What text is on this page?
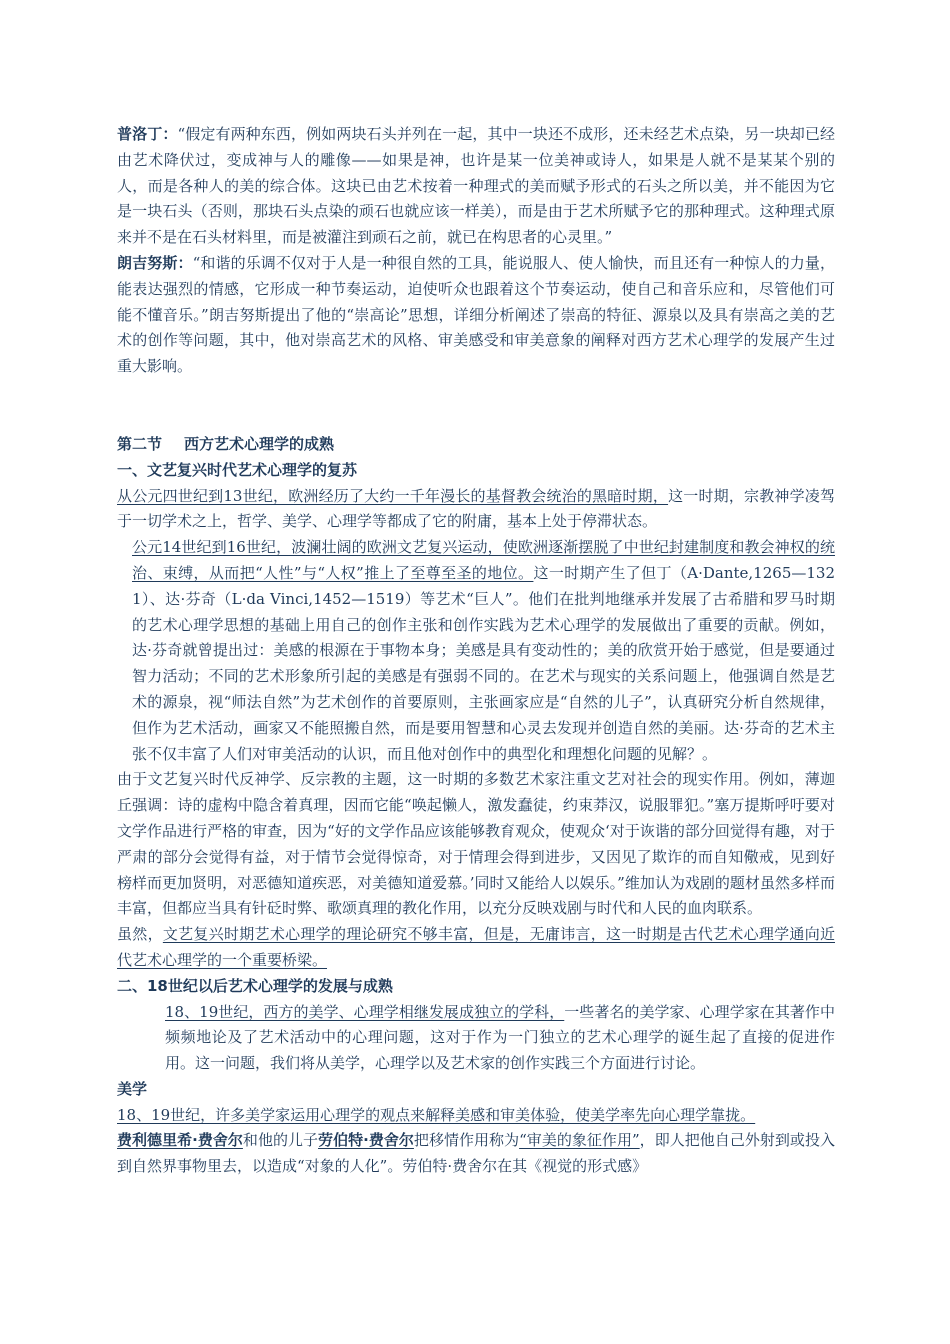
普洛丁：“假定有两种东西，例如两块石头并列在一起，其中一块还不成形，还未经艺术点染，另一块却已经由艺术降伏过，变成神与人的雕像——如果是神，也许是某一位美神或诗人，如果是人就不是某某个别的人，而是各种人的美的综合体。这块已由艺术按着一种理式的美而赋予形式的石头之所以美，并不能因为它是一块石头（否则，那块石头点染的顽石也就应该一样美），而是由于艺术所赋予它的那种理式。这种理式原来并不是在石头材料里，而是被灌注到顽石之前，就已在构思者的心灵里。”

朗吉努斯：“和谐的乐调不仅对于人是一种很自然的工具，能说服人、使人愉快，而且还有一种惊人的力量，能表达强烈的情感，它形成一种节奏运动，迫使听众也跟着这个节奏运动，使自己和音乐应和，尽管他们可能不懂音乐。”朗吉努斯提出了他的“崇高论”思想，详细分析阐述了崇高的特征、源泉以及具有崇高之美的艺术的创作等问题，其中，他对崇高艺术的风格、审美感受和审美意象的阐释对西方艺术心理学的发展产生过重大影响。

第二节 西方艺术心理学的成熟
一、文艺复兴时代艺术心理学的复苏

从公元四世纪到13世纪，欧洲经历了大约一千年漫长的基督教会统治的黑暗时期，这一时期，宗教神学凌驾于一切学术之上，哲学、美学、心理学等都成了它的附庸，基本上处于停滞状态。

公元14世纪到16世纪，波澜壮阔的欧洲文艺复兴运动，使欧洲逐渐摆脱了中世纪封建制度和教会神权的统治、束缚，从而把“人性”与“人权”推上了至尊至圣的地位。这一时期产生了但丁（A·Dante,1265—1321）、达·芬奇（L·da Vinci,1452—1519）等艺术“巨人”。他们在批判地继承并发展了古希腊和罗马时期的艺术心理学思想的基础上用自己的创作主张和创作实践为艺术心理学的发展做出了重要的贡献。例如，达·芬奇就曾提出过：美感的根源在于事物本身；美感是具有变动性的；美的欣赏开始于感觉，但是要通过智力活动；不同的艺术形象所引起的美感是有强弱不同的。在艺术与现实的关系问题上，他强调自然是艺术的源泉，视“师法自然”为艺术创作的首要原则，主张画家应是“自然的儿子”，认真研究分析自然规律，但作为艺术活动，画家又不能照搬自然，而是要用智慧和心灵去发现并创造自然的美丽。达·芬奇的艺术主张不仅丰富了人们对审美活动的认识，而且他对创作中的典型化和理想化问题的见解？。

由于文艺复兴时代反神学、反宗教的主题，这一时期的多数艺术家注重文艺对社会的现实作用。例如，薄迦丘强调：诗的虚构中隐含着真理，因而它能“唤起懒人，激发蠢徒，约束莽汉，说服罪犯。”塞万提斯呼吁要对文学作品进行严格的审查，因为“好的文学作品应该能够教育观众，使观众‘对于诙谐的部分回觉得有趣，对于严肃的部分会觉得有益，对于情节会觉得惊奇，对于情理会得到进步，又因见了欺诈的而自知儆戒，见到好榜样而更加贤明，对恶德知道疾恶，对美德知道爱慕。’同时又能给人以娱乐。”维加认为戏剧的题材虽然多样而丰富，但都应当具有针砭时弊、歌颂真理的教化作用，以充分反映戏剧与时代和人民的血肉联系。

虽然，文艺复兴时期艺术心理学的理论研究不够丰富，但是，无庸讳言，这一时期是古代艺术心理学通向近代艺术心理学的一个重要桥梁。

二、18世纪以后艺术心理学的发展与成熟

18、19世纪，西方的美学、心理学相继发展成独立的学科，一些著名的美学家、心理学家在其著作中频频地论及了艺术活动中的心理问题，这对于作为一门独立的艺术心理学的诞生起了直接的促进作用。这一问题，我们将从美学，心理学以及艺术家的创作实践三个方面进行讨论。

美学

18、19世纪，许多美学家运用心理学的观点来解释美感和审美体验，使美学率先向心理学靠拢。

费利德里希·费舍尔和他的儿子劳伯特·费舍尔把移情作用称为“审美的象征作用”，即人把他自己外射到或投入到自然界事物里去，以造成“对象的人化”。劳伯特·费舍尔在其《视觉的形式感》
